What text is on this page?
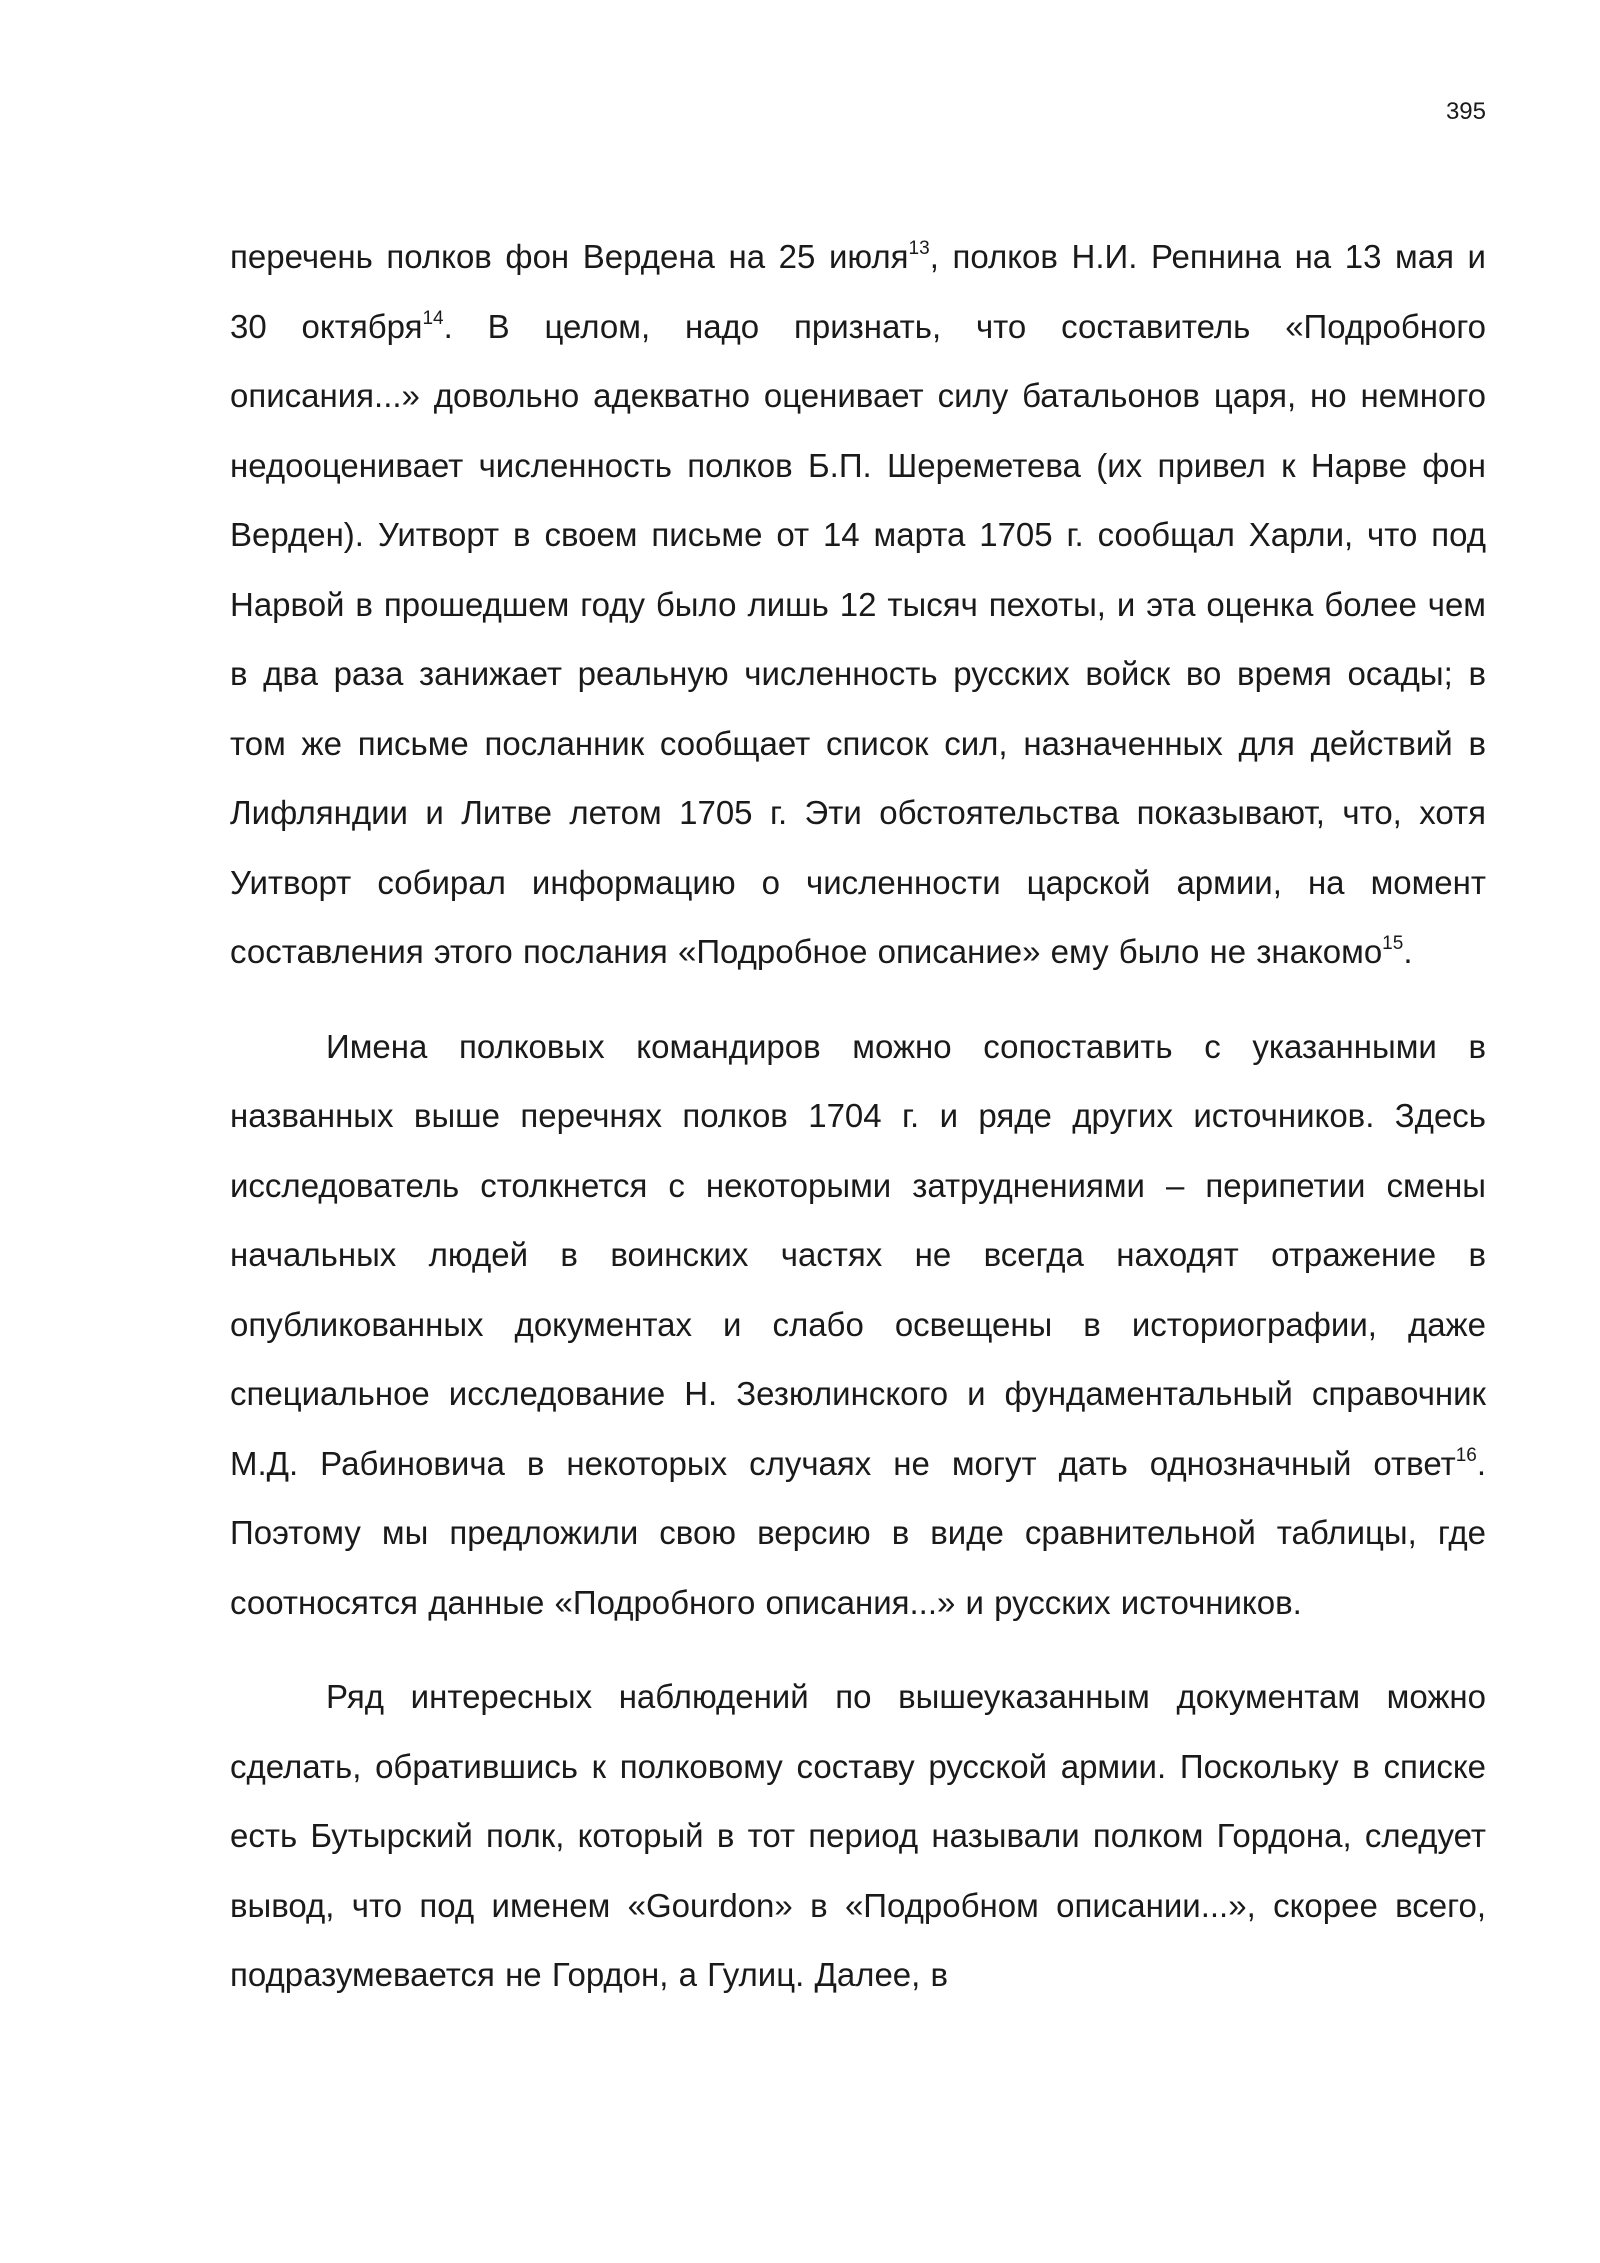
395

перечень полков фон Вердена на 25 июля$^{13}$, полков Н.И. Репнина на 13 мая и 30 октября$^{14}$. В целом, надо признать, что составитель «Подробного описания...» довольно адекватно оценивает силу батальонов царя, но немного недооценивает численность полков Б.П. Шереметева (их привел к Нарве фон Верден). Уитворт в своем письме от 14 марта 1705 г. сообщал Харли, что под Нарвой в прошедшем году было лишь 12 тысяч пехоты, и эта оценка более чем в два раза занижает реальную численность русских войск во время осады; в том же письме посланник сообщает список сил, назначенных для действий в Лифляндии и Литве летом 1705 г. Эти обстоятельства показывают, что, хотя Уитворт собирал информацию о численности царской армии, на момент составления этого послания «Подробное описание» ему было не знакомо$^{15}$.

Имена полковых командиров можно сопоставить с указанными в названных выше перечнях полков 1704 г. и ряде других источников. Здесь исследователь столкнется с некоторыми затруднениями – перипетии смены начальных людей в воинских частях не всегда находят отражение в опубликованных документах и слабо освещены в историографии, даже специальное исследование Н. Зезюлинского и фундаментальный справочник М.Д. Рабиновича в некоторых случаях не могут дать однозначный ответ$^{16}$. Поэтому мы предложили свою версию в виде сравнительной таблицы, где соотносятся данные «Подробного описания...» и русских источников.

Ряд интересных наблюдений по вышеуказанным документам можно сделать, обратившись к полковому составу русской армии. Поскольку в списке есть Бутырский полк, который в тот период называли полком Гордона, следует вывод, что под именем «Gourdon» в «Подробном описании...», скорее всего, подразумевается не Гордон, а Гулиц. Далее, в
